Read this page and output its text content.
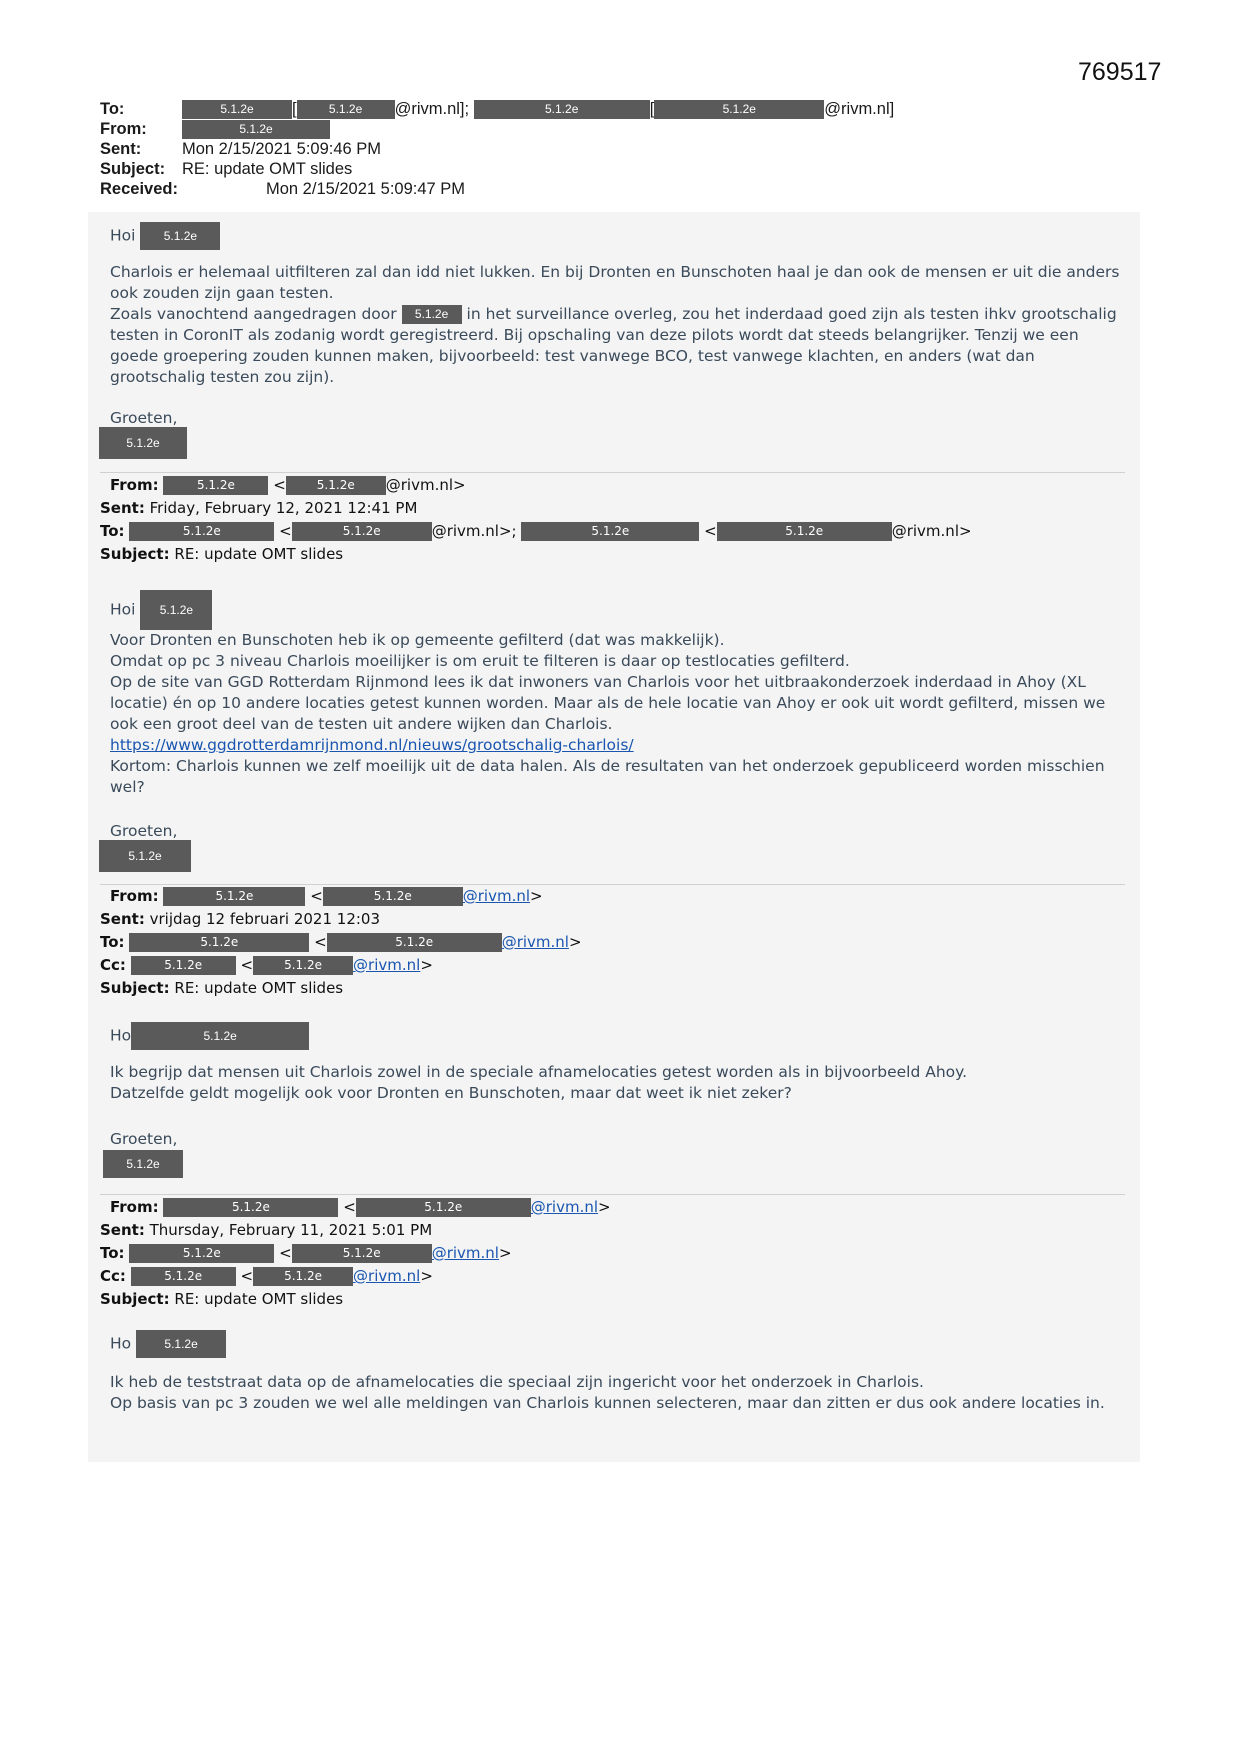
769517
To:	5.1.2e [	5.1.2e @rivm.nl];	5.1.2e	[	5.1.2e	@rivm.nl]
From:	5.1.2e
Sent: Mon 2/15/2021 5:09:46 PM
Subject: RE: update OMT slides
Received:	Mon 2/15/2021 5:09:47 PM
Hoi 5.1.2e

Charlois er helemaal uitfilteren zal dan idd niet lukken. En bij Dronten en Bunschoten haal je dan ook de mensen er uit die anders ook zouden zijn gaan testen.

Zoals vanochtend aangedragen door 5.1.2e in het surveillance overleg, zou het inderdaad goed zijn als testen ihkv grootschalig testen in CoronIT als zodanig wordt geregistreerd. Bij opschaling van deze pilots wordt dat steeds belangrijker. Tenzij we een goede groepering zouden kunnen maken, bijvoorbeeld: test vanwege BCO, test vanwege klachten, en anders (wat dan grootschalig testen zou zijn).

Groeten,
5.1.2e
From:	5.1.2e	<	5.1.2e @rivm.nl>
Sent: Friday, February 12, 2021 12:41 PM
To:	5.1.2e	<	5.1.2e	@rivm.nl>;	5.1.2e	<	5.1.2e	@rivm.nl>
Subject: RE: update OMT slides
Hoi 5.1.2e

Voor Dronten en Bunschoten heb ik op gemeente gefilterd (dat was makkelijk).

Omdat op pc 3 niveau Charlois moeilijker is om eruit te filteren is daar op testlocaties gefilterd.

Op de site van GGD Rotterdam Rijnmond lees ik dat inwoners van Charlois voor het uitbraakonderzoek inderdaad in Ahoy (XL locatie) én op 10 andere locaties getest kunnen worden. Maar als de hele locatie van Ahoy er ook uit wordt gefilterd, missen we ook een groot deel van de testen uit andere wijken dan Charlois.

https://www.ggdrotterdamrijnmond.nl/nieuws/grootschalig-charlois/

Kortom: Charlois kunnen we zelf moeilijk uit de data halen. Als de resultaten van het onderzoek gepubliceerd worden misschien wel?

Groeten,
5.1.2e
From:	5.1.2e	<	5.1.2e	@rivm.nl>
Sent: vrijdag 12 februari 2021 12:03
To:	5.1.2e	<	5.1.2e	@rivm.nl>
Cc:	5.1.2e	<	5.1.2e @rivm.nl>
Subject: RE: update OMT slides
Ho	5.1.2e

Ik begrijp dat mensen uit Charlois zowel in de speciale afnamelocaties getest worden als in bijvoorbeeld Ahoy.

Datzelfde geldt mogelijk ook voor Dronten en Bunschoten, maar dat weet ik niet zeker?

Groeten,
5.1.2e
From:	5.1.2e	<	5.1.2e	@rivm.nl>
Sent: Thursday, February 11, 2021 5:01 PM
To:	5.1.2e	<	5.1.2e	@rivm.nl>
Cc:	5.1.2e	<	5.1.2e @rivm.nl>
Subject: RE: update OMT slides
Ho	5.1.2e

Ik heb de teststraat data op de afnamelocaties die speciaal zijn ingericht voor het onderzoek in Charlois.

Op basis van pc 3 zouden we wel alle meldingen van Charlois kunnen selecteren, maar dan zitten er dus ook andere locaties in.
